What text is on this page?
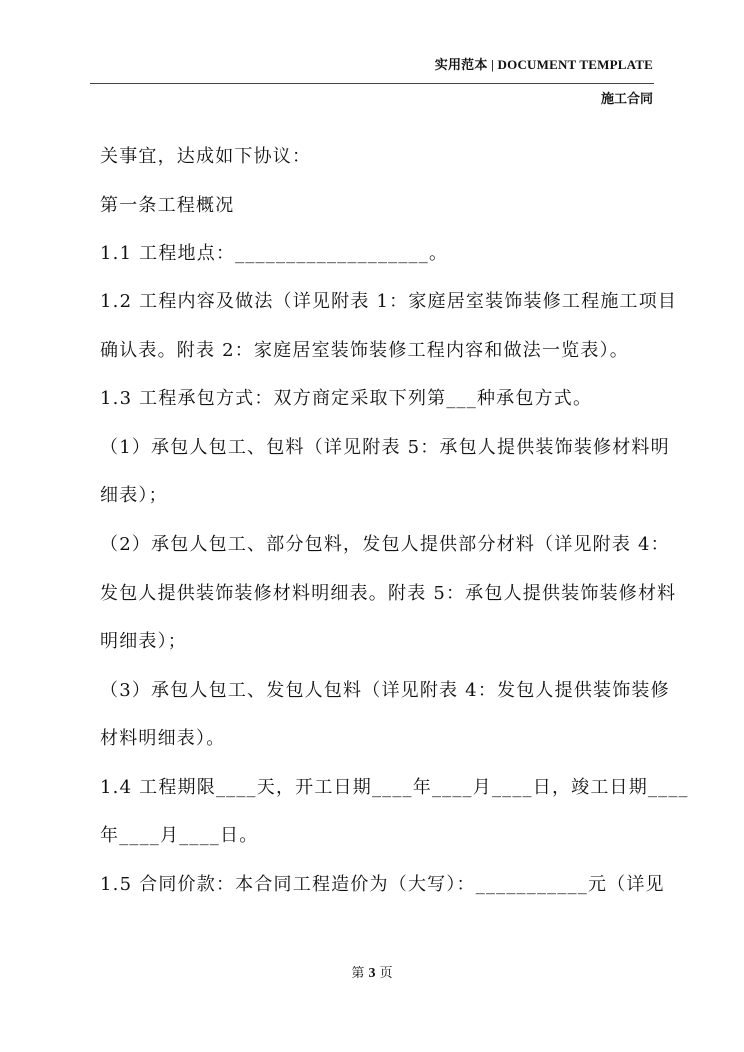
实用范本 | DOCUMENT TEMPLATE
施工合同
关事宜，达成如下协议：
第一条工程概况
1.1 工程地点：___________________。
1.2 工程内容及做法（详见附表 1：家庭居室装饰装修工程施工项目
确认表。附表 2：家庭居室装饰装修工程内容和做法一览表）。
1.3 工程承包方式：双方商定采取下列第___种承包方式。
（1）承包人包工、包料（详见附表 5：承包人提供装饰装修材料明
细表）；
（2）承包人包工、部分包料，发包人提供部分材料（详见附表 4：
发包人提供装饰装修材料明细表。附表 5：承包人提供装饰装修材料
明细表）；
（3）承包人包工、发包人包料（详见附表 4：发包人提供装饰装修
材料明细表）。
1.4 工程期限____天，开工日期____年____月____日，竣工日期____
年____月____日。
1.5 合同价款：本合同工程造价为（大写）：___________元（详见
第 3 页
